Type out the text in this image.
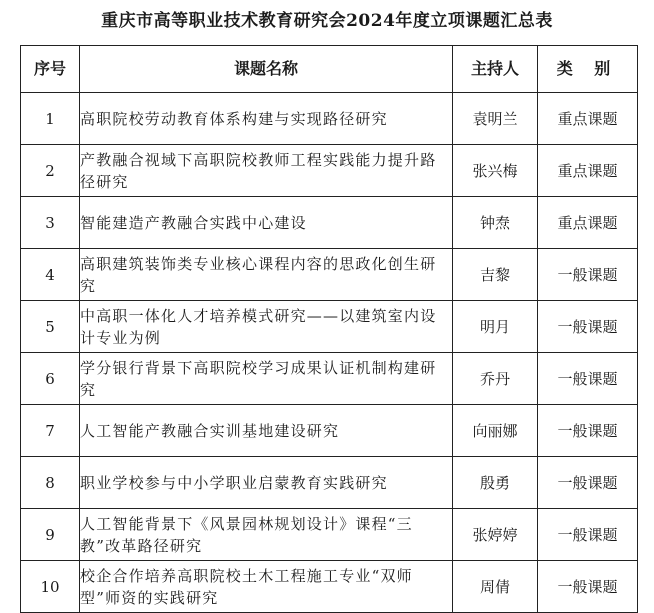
重庆市高等职业技术教育研究会2024年度立项课题汇总表
序号	课题名称	主持人	类 别
1	高职院校劳动教育体系构建与实现路径研究	袁明兰	重点课题
2	产教融合视域下高职院校教师工程实践能力提升路径研究	张兴梅	重点课题
3	智能建造产教融合实践中心建设	钟焘	重点课题
4	高职建筑装饰类专业核心课程内容的思政化创生研究	吉黎	一般课题
5	中高职一体化人才培养模式研究——以建筑室内设计专业为例	明月	一般课题
6	学分银行背景下高职院校学习成果认证机制构建研究	乔丹	一般课题
7	人工智能产教融合实训基地建设研究	向丽娜	一般课题
8	职业学校参与中小学职业启蒙教育实践研究	殷勇	一般课题
9	人工智能背景下《风景园林规划设计》课程“三教”改革路径研究	张婷婷	一般课题
10	校企合作培养高职院校土木工程施工专业“双师型”师资的实践研究	周倩	一般课题
